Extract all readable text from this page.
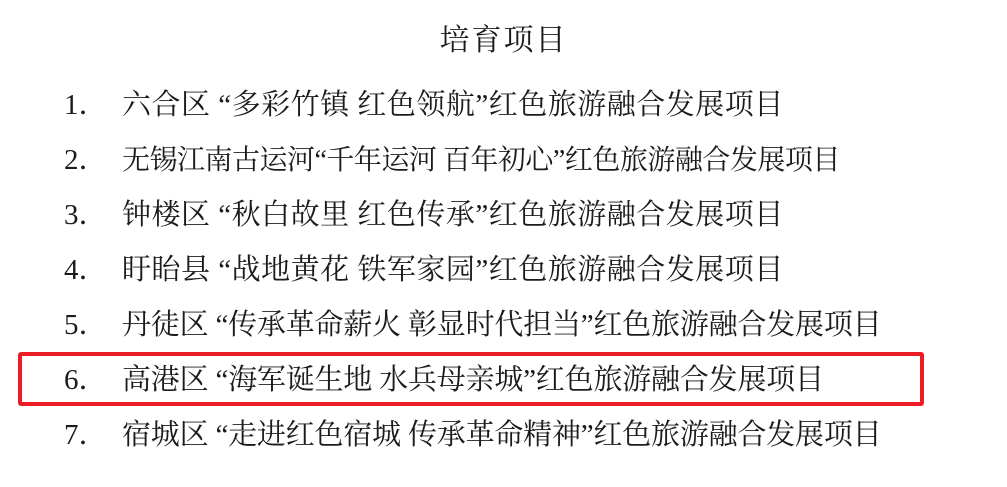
培育项目
1． 六合区 “多彩竹镇 红色领航”红色旅游融合发展项目
2． 无锡江南古运河“千年运河 百年初心”红色旅游融合发展项目
3． 钟楼区 “秋白故里 红色传承”红色旅游融合发展项目
4． 盱眙县 “战地黄花 铁军家园”红色旅游融合发展项目
5． 丹徒区 “传承革命薪火 彰显时代担当”红色旅游融合发展项目
6． 高港区 “海军诞生地 水兵母亲城”红色旅游融合发展项目
7． 宿城区 “走进红色宿城 传承革命精神”红色旅游融合发展项目
